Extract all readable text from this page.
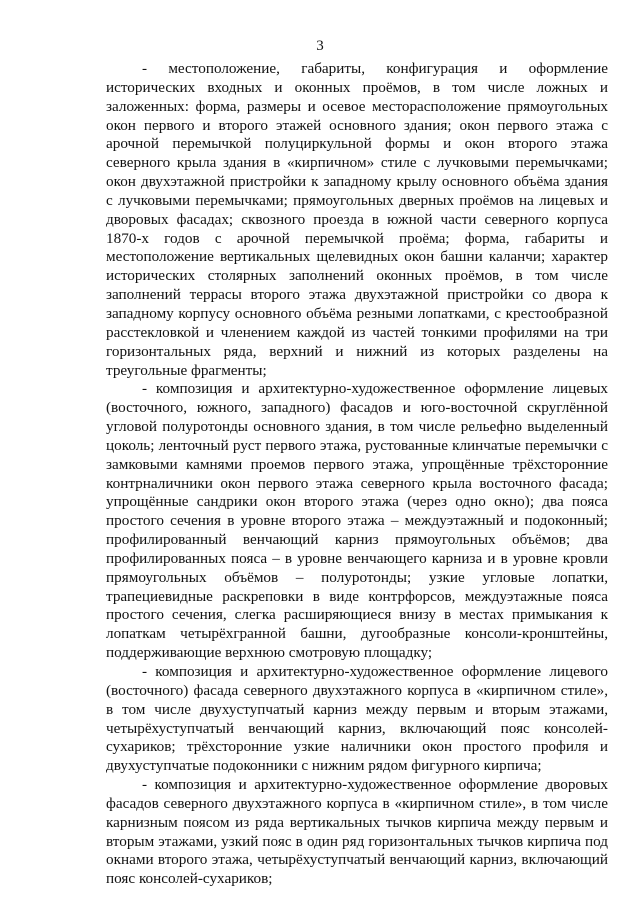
3

- местоположение, габариты, конфигурация и оформление исторических входных и оконных проёмов, в том числе ложных и заложенных: форма, размеры и осевое месторасположение прямоугольных окон первого и второго этажей основного здания; окон первого этажа с арочной перемычкой полуциркульной формы и окон второго этажа северного крыла здания в «кирпичном» стиле с лучковыми перемычками; окон двухэтажной пристройки к западному крылу основного объёма здания с лучковыми перемычками; прямоугольных дверных проёмов на лицевых и дворовых фасадах; сквозного проезда в южной части северного корпуса 1870-х годов с арочной перемычкой проёма; форма, габариты и местоположение вертикальных щелевидных окон башни каланчи; характер исторических столярных заполнений оконных проёмов, в том числе заполнений террасы второго этажа двухэтажной пристройки со двора к западному корпусу основного объёма резными лопатками, с крестообразной расстекловкой и членением каждой из частей тонкими профилями на три горизонтальных ряда, верхний и нижний из которых разделены на треугольные фрагменты;

- композиция и архитектурно-художественное оформление лицевых (восточного, южного, западного) фасадов и юго-восточной скруглённой угловой полуротонды основного здания, в том числе рельефно выделенный цоколь; ленточный руст первого этажа, рустованные клинчатые перемычки с замковыми камнями проемов первого этажа, упрощённые трёхсторонние контрналичники окон первого этажа северного крыла восточного фасада; упрощённые сандрики окон второго этажа (через одно окно); два пояса простого сечения в уровне второго этажа – междуэтажный и подоконный; профилированный венчающий карниз прямоугольных объёмов; два профилированных пояса – в уровне венчающего карниза и в уровне кровли прямоугольных объёмов – полуротонды; узкие угловые лопатки, трапециевидные раскреповки в виде контрфорсов, междуэтажные пояса простого сечения, слегка расширяющиеся внизу в местах примыкания к лопаткам четырёхгранной башни, дугообразные консоли-кронштейны, поддерживающие верхнюю смотровую площадку;

- композиция и архитектурно-художественное оформление лицевого (восточного) фасада северного двухэтажного корпуса в «кирпичном стиле», в том числе двухуступчатый карниз между первым и вторым этажами, четырёхуступчатый венчающий карниз, включающий пояс консолей-сухариков; трёхсторонние узкие наличники окон простого профиля и двухуступчатые подоконники с нижним рядом фигурного кирпича;

- композиция и архитектурно-художественное оформление дворовых фасадов северного двухэтажного корпуса в «кирпичном стиле», в том числе карнизным поясом из ряда вертикальных тычков кирпича между первым и вторым этажами, узкий пояс в один ряд горизонтальных тычков кирпича под окнами второго этажа, четырёхуступчатый венчающий карниз, включающий пояс консолей-сухариков;
